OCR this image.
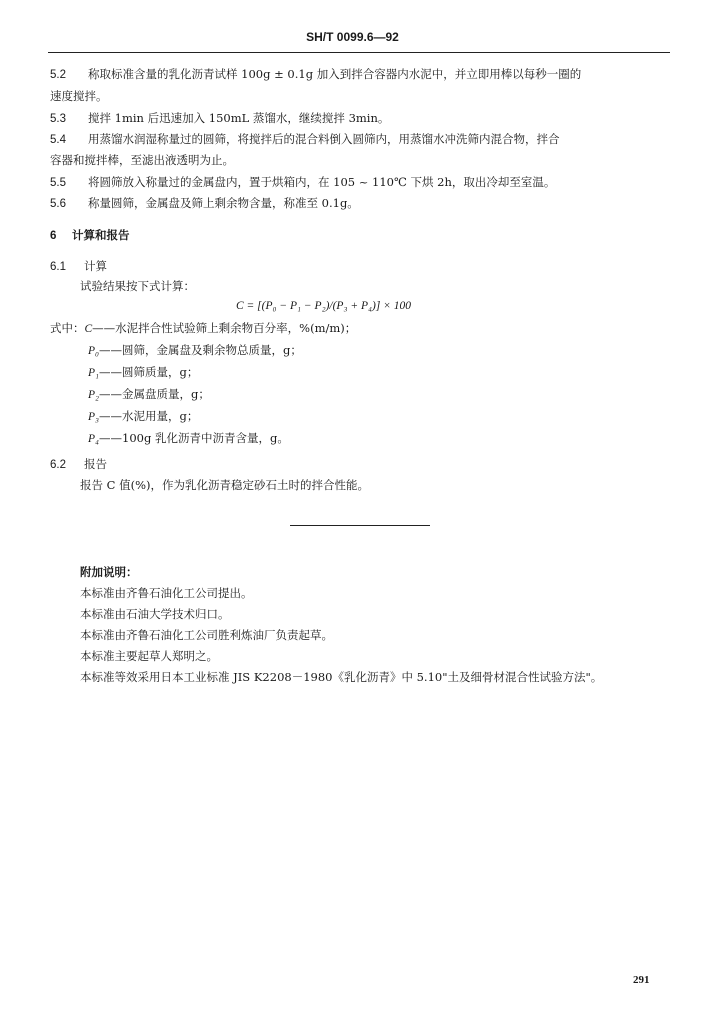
SH/T 0099.6—92
5.2 称取标准含量的乳化沥青试样 100g ± 0.1g 加入到拌合容器内水泥中，并立即用棒以每秒一圈的
速度搅拌。
5.3 搅拌 1min 后迅速加入 150mL 蒸馏水，继续搅拌 3min。
5.4 用蒸馏水润湿称量过的圆筛，将搅拌后的混合料倒入圆筛内，用蒸馏水冲洗筛内混合物，拌合
容器和搅拌棒，至滤出液透明为止。
5.5 将圆筛放入称量过的金属盘内，置于烘箱内，在 105 ~ 110℃ 下烘 2h，取出冷却至室温。
5.6 称量圆筛，金属盘及筛上剩余物含量，称准至 0.1g。
6 计算和报告
6.1 计算
试验结果按下式计算：
C = [(P₀ − P₁ − P₂)/(P₃ + P₄)] × 100
式中：C——水泥拌合性试验筛上剩余物百分率，%(m/m)；
P₀——圆筛，金属盘及剩余物总质量，g；
P₁——圆筛质量，g；
P₂——金属盘质量，g；
P₃——水泥用量，g；
P₄——100g 乳化沥青中沥青含量，g。
6.2 报告
报告 C 值(%)，作为乳化沥青稳定砂石土时的拌合性能。
附加说明：
本标准由齐鲁石油化工公司提出。
本标准由石油大学技术归口。
本标准由齐鲁石油化工公司胜利炼油厂负责起草。
本标准主要起草人郑明之。
本标准等效采用日本工业标准 JIS K2208－1980《乳化沥青》中 5.10"土及细骨材混合性试验方法"。
291
